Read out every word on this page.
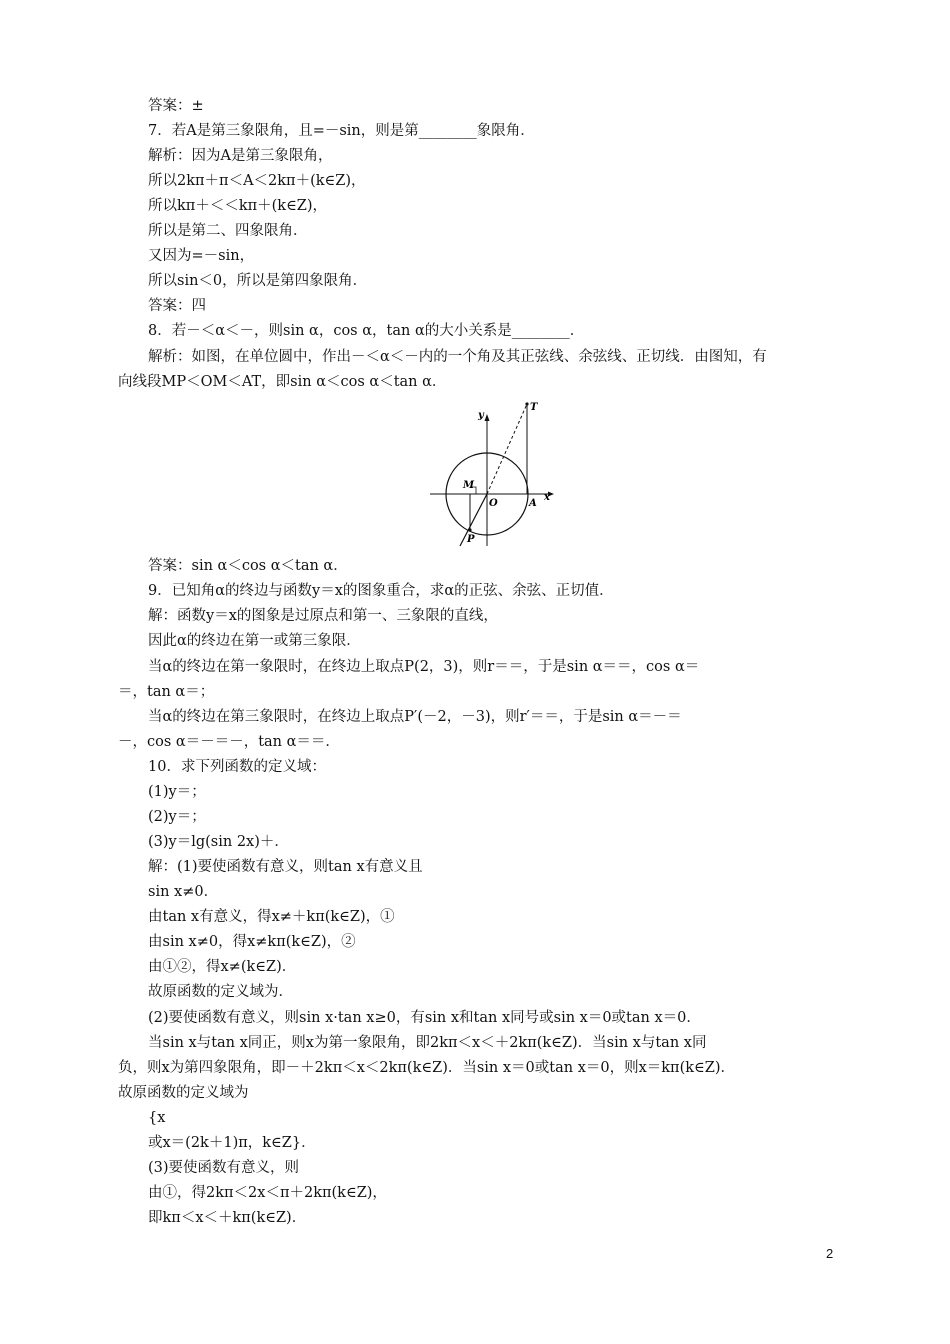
答案：±
7．若A是第三象限角，且=－sin，则是第________象限角．
解析：因为A是第三象限角，
所以2kπ＋π＜A＜2kπ＋(k∈Z)，
所以kπ＋＜＜kπ＋(k∈Z)，
所以是第二、四象限角．
又因为=－sin，
所以sin＜0，所以是第四象限角．
答案：四
8．若－＜α＜－，则sin α，cos α，tan α的大小关系是________．
解析：如图，在单位圆中，作出－＜α＜－内的一个角及其正弦线、余弦线、正切线．由图知，有
向线段MP＜OM＜AT，即sin α＜cos α＜tan α．
y
T
M
O	A
x
P
答案：sin α＜cos α＜tan α．
9．已知角α的终边与函数y＝x的图象重合，求α的正弦、余弦、正切值．
解：函数y＝x的图象是过原点和第一、三象限的直线，
因此α的终边在第一或第三象限．
当α的终边在第一象限时，在终边上取点P(2，3)，则r＝＝，于是sin α＝＝，cos α＝
＝，tan α＝；
当α的终边在第三象限时，在终边上取点P′(－2，－3)，则r′＝＝，于是sin α＝－＝
－，cos α＝－＝－，tan α＝＝．
10．求下列函数的定义域：
(1)y＝；
(2)y＝；
(3)y＝lg(sin 2x)＋．
解：(1)要使函数有意义，则tan x有意义且
sin x≠0．
由tan x有意义，得x≠＋kπ(k∈Z)，①
由sin x≠0，得x≠kπ(k∈Z)，②
由①②，得x≠(k∈Z)．
故原函数的定义域为．
(2)要使函数有意义，则sin x·tan x≥0，有sin x和tan x同号或sin x＝0或tan x＝0．
当sin x与tan x同正，则x为第一象限角，即2kπ＜x＜＋2kπ(k∈Z)．当sin x与tan x同
负，则x为第四象限角，即－＋2kπ＜x＜2kπ(k∈Z)．当sin x＝0或tan x＝0，则x＝kπ(k∈Z)．
故原函数的定义域为
{x
或x＝(2k＋1)π，k∈Z}．
(3)要使函数有意义，则
由①，得2kπ＜2x＜π＋2kπ(k∈Z)，
即kπ＜x＜＋kπ(k∈Z)．
2
